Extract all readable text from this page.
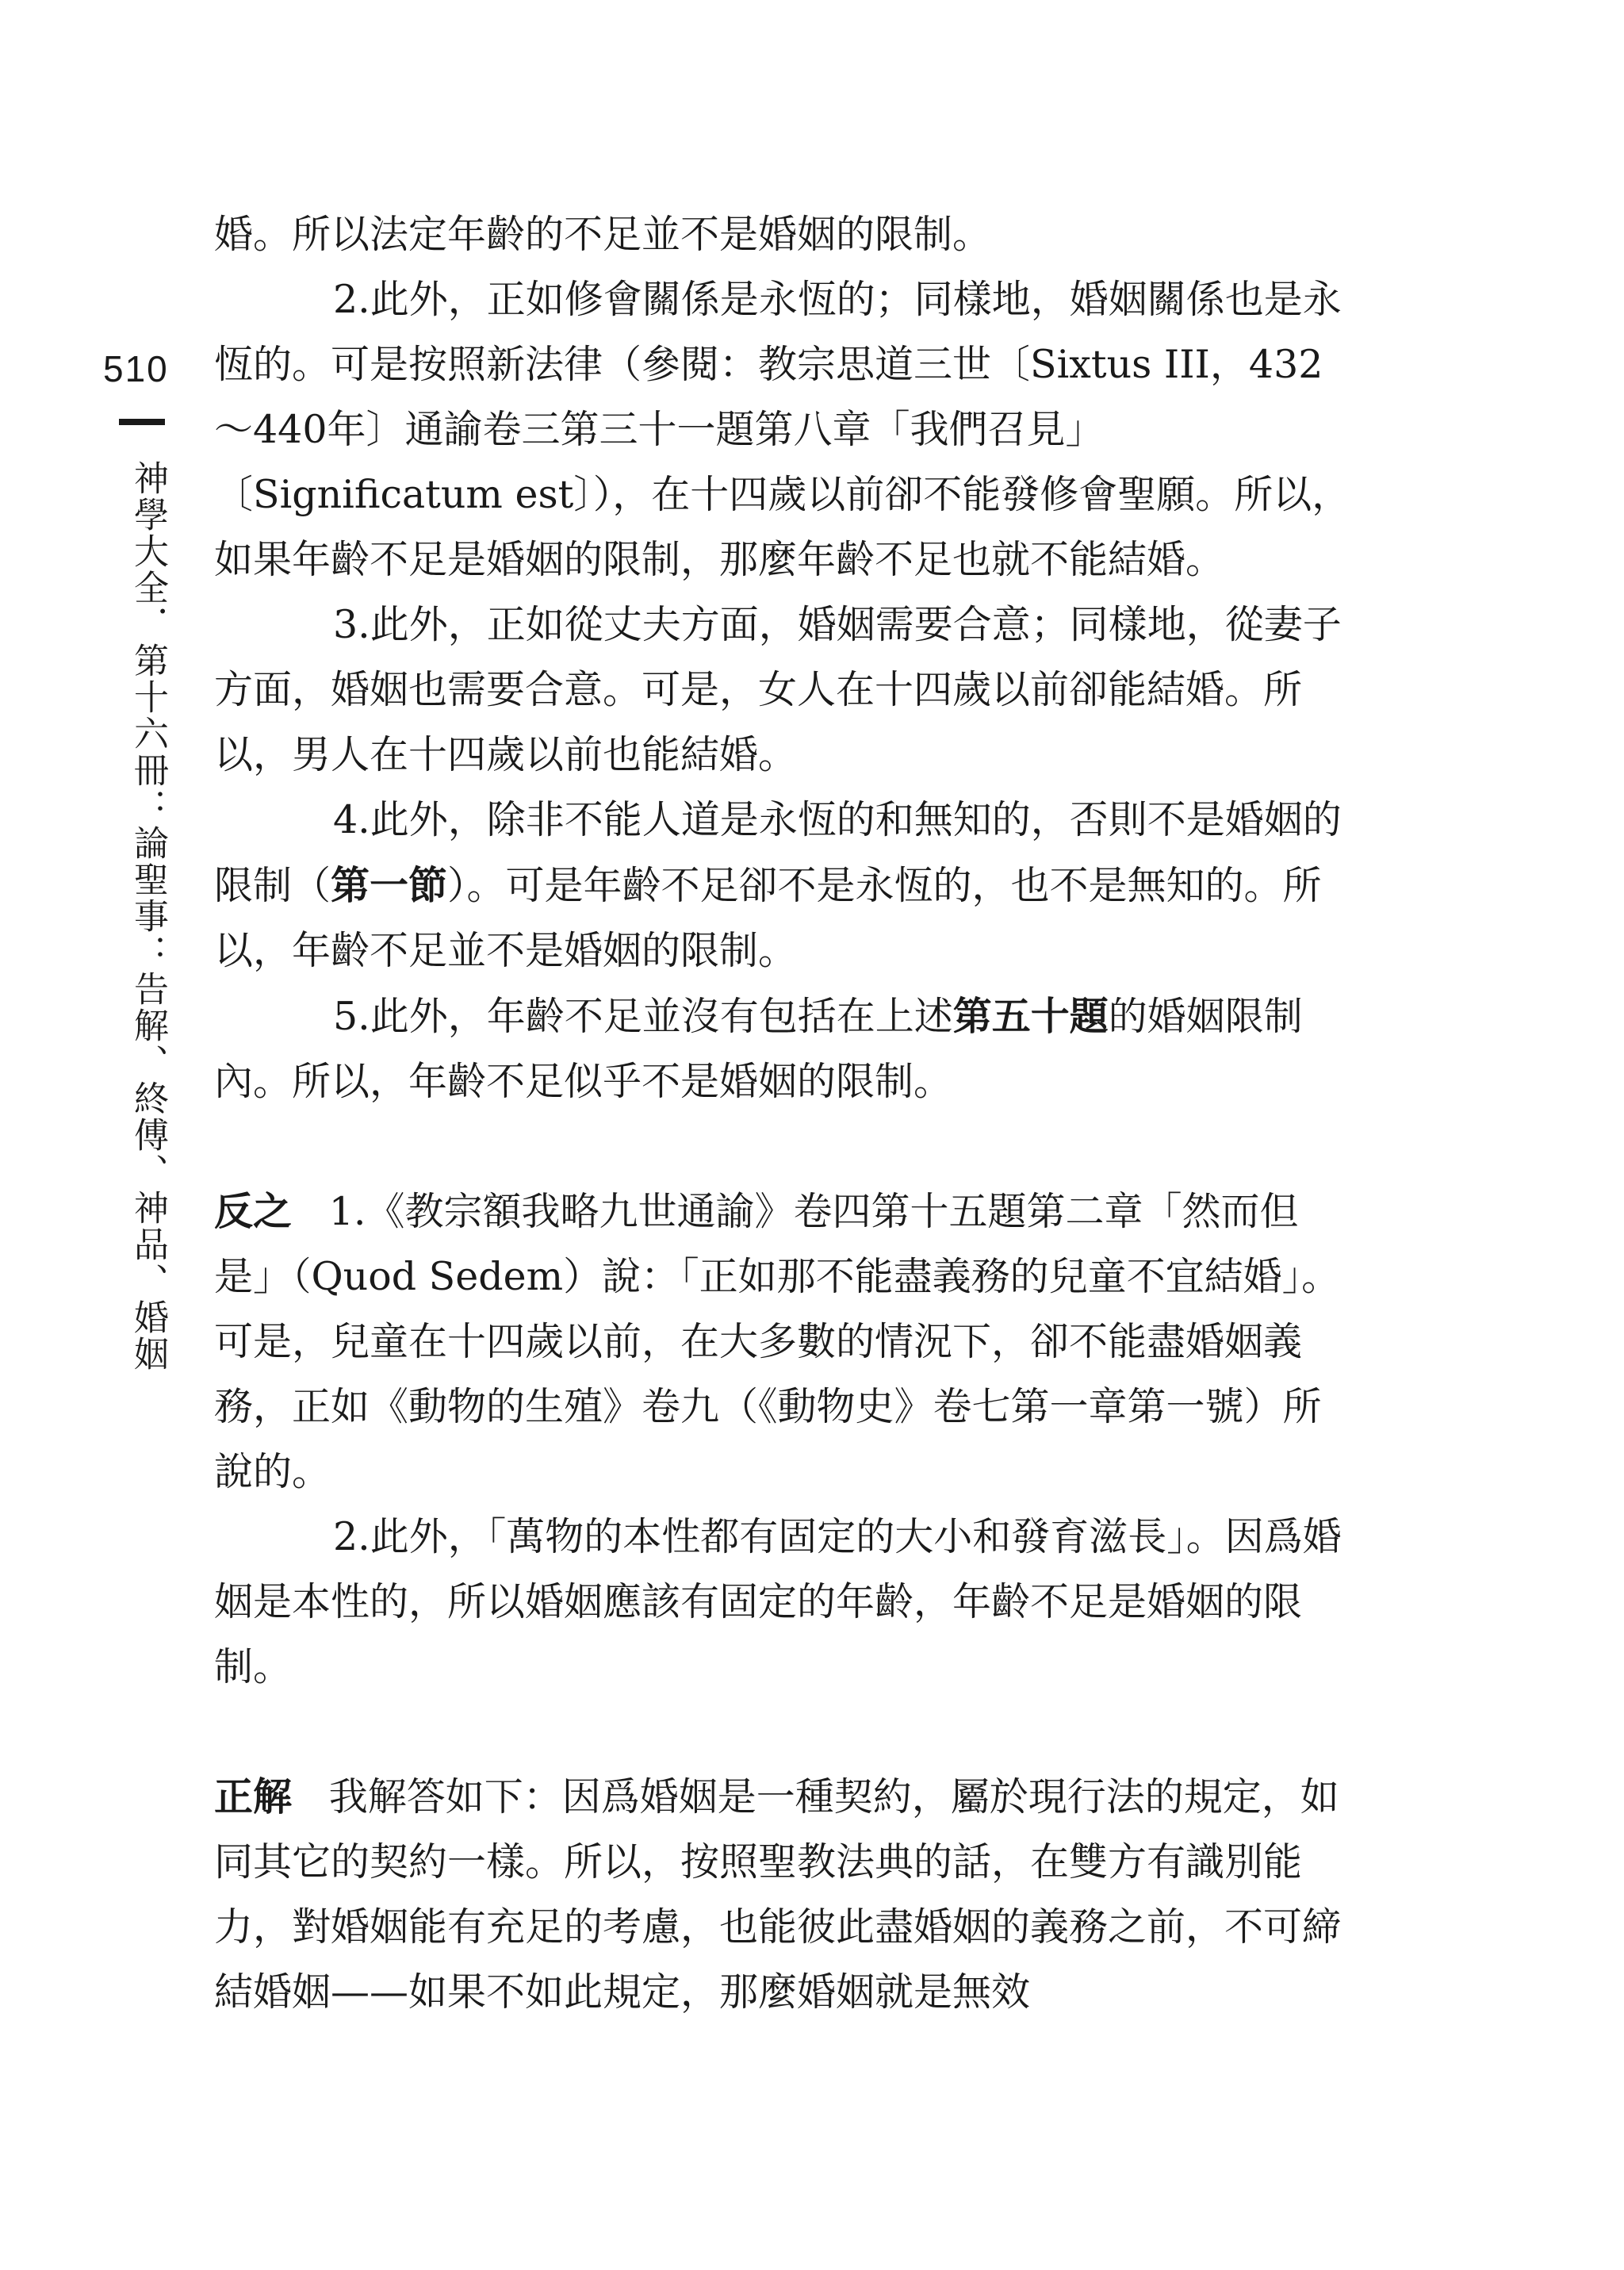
510
神學大全．第十六冊：論聖事：告解、終傅、神品、婚姻

婚。所以法定年齡的不足並不是婚姻的限制。

2.此外，正如修會關係是永恆的；同樣地，婚姻關係也是永恆的。可是按照新法律（參閱：教宗思道三世〔Sixtus III，432～440年〕通諭卷三第三十一題第八章「我們召見」〔Significatum est〕），在十四歲以前卻不能發修會聖願。所以，如果年齡不足是婚姻的限制，那麼年齡不足也就不能結婚。

3.此外，正如從丈夫方面，婚姻需要合意；同樣地，從妻子方面，婚姻也需要合意。可是，女人在十四歲以前卻能結婚。所以，男人在十四歲以前也能結婚。

4.此外，除非不能人道是永恆的和無知的，否則不是婚姻的限制（第一節）。可是年齡不足卻不是永恆的，也不是無知的。所以，年齡不足並不是婚姻的限制。

5.此外，年齡不足並沒有包括在上述第五十題的婚姻限制內。所以，年齡不足似乎不是婚姻的限制。

反之 1.《教宗額我略九世通諭》卷四第十五題第二章「然而但是」（Quod Sedem）說：「正如那不能盡義務的兒童不宜結婚」。可是，兒童在十四歲以前，在大多數的情況下，卻不能盡婚姻義務，正如《動物的生殖》卷九（《動物史》卷七第一章第一號）所說的。

2.此外，「萬物的本性都有固定的大小和發育滋長」。因爲婚姻是本性的，所以婚姻應該有固定的年齡，年齡不足是婚姻的限制。

正解 我解答如下：因爲婚姻是一種契約，屬於現行法的規定，如同其它的契約一樣。所以，按照聖教法典的話，在雙方有識別能力，對婚姻能有充足的考慮，也能彼此盡婚姻的義務之前，不可締結婚姻——如果不如此規定，那麼婚姻就是無效
